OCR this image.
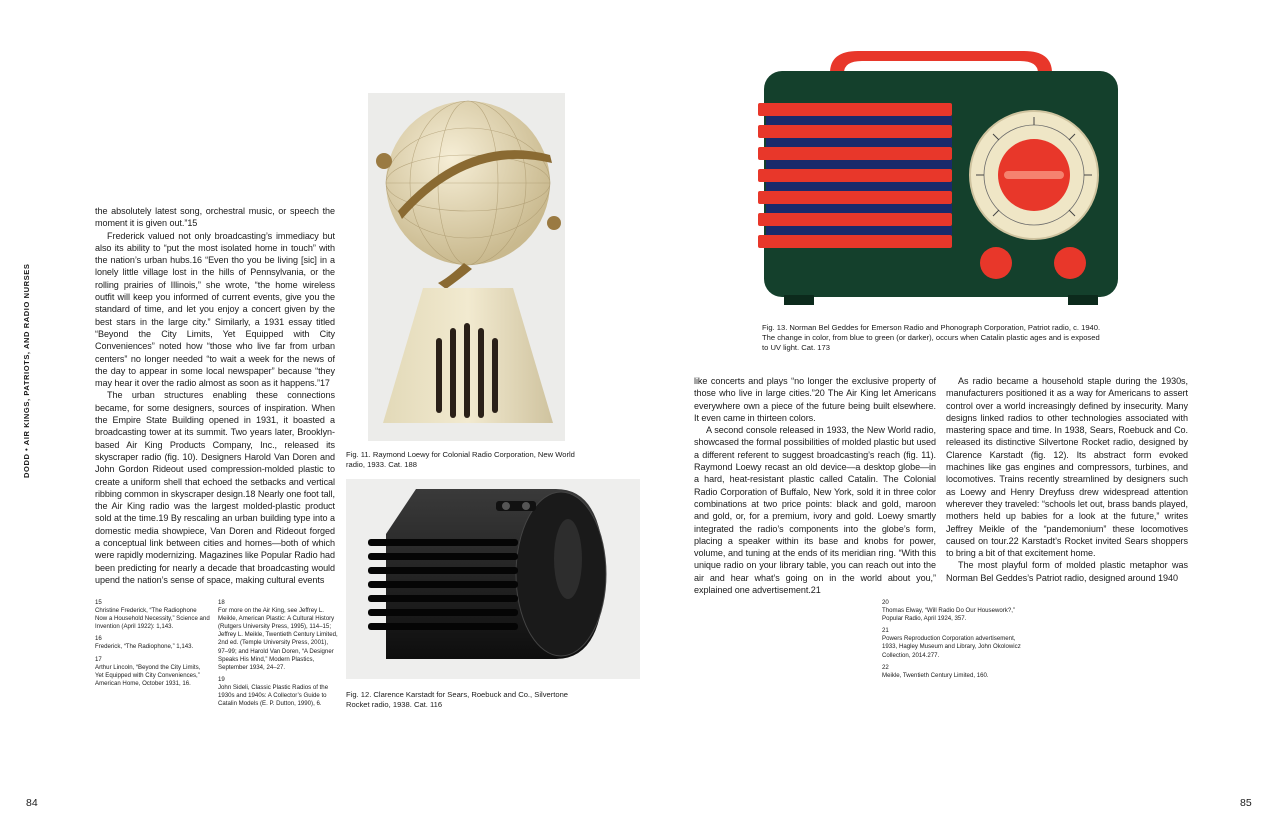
DODD • AIR KINGS, PATRIOTS, AND RADIO NURSES
84	85

the absolutely latest song, orchestral music, or speech the moment it is given out.”15

Frederick valued not only broadcasting’s immediacy but also its ability to “put the most isolated home in touch” with the nation’s urban hubs.16 “Even tho you be living [sic] in a lonely little village lost in the hills of Pennsylvania, or the rolling prairies of Illinois,” she wrote, “the home wireless outfit will keep you informed of current events, give you the standard of time, and let you enjoy a concert given by the best stars in the large city.” Similarly, a 1931 essay titled “Beyond the City Limits, Yet Equipped with City Conveniences” noted how “those who live far from urban centers” no longer needed “to wait a week for the news of the day to appear in some local newspaper” because “they may hear it over the radio almost as soon as it happens.”17

The urban structures enabling these connections became, for some designers, sources of inspiration. When the Empire State Building opened in 1931, it boasted a broadcasting tower at its summit. Two years later, Brooklyn-based Air King Products Company, Inc., released its skyscraper radio (fig. 10). Designers Harold Van Doren and John Gordon Rideout used compression-molded plastic to create a uniform shell that echoed the setbacks and vertical ribbing common in skyscraper design.18 Nearly one foot tall, the Air King radio was the largest molded-plastic product sold at the time.19 By rescaling an urban building type into a domestic media showpiece, Van Doren and Rideout forged a conceptual link between cities and homes—both of which were rapidly modernizing. Magazines like Popular Radio had been predicting for nearly a decade that broadcasting would upend the nation’s sense of space, making cultural events

15
Christine Frederick, “The Radiophone Now a Household Necessity,” Science and Invention (April 1922): 1,143.
16
Frederick, “The Radiophone,” 1,143.
17
Arthur Lincoln, “Beyond the City Limits, Yet Equipped with City Conveniences,” American Home, October 1931, 16.
18
For more on the Air King, see Jeffrey L. Meikle, American Plastic: A Cultural History (Rutgers University Press, 1995), 114–15; Jeffrey L. Meikle, Twentieth Century Limited, 2nd ed. (Temple University Press, 2001), 97–99; and Harold Van Doren, “A Designer Speaks His Mind,” Modern Plastics, September 1934, 24–27.
19
John Sideli, Classic Plastic Radios of the 1930s and 1940s: A Collector’s Guide to Catalin Models (E. P. Dutton, 1990), 6.
Fig. 11. Raymond Loewy for Colonial Radio Corporation, New World radio, 1933. Cat. 188
Fig. 12. Clarence Karstadt for Sears, Roebuck and Co., Silvertone Rocket radio, 1938. Cat. 116
Fig. 13. Norman Bel Geddes for Emerson Radio and Phonograph Corporation, Patriot radio, c. 1940. The change in color, from blue to green (or darker), occurs when Catalin plastic ages and is exposed to UV light. Cat. 173

like concerts and plays “no longer the exclusive property of those who live in large cities.”20 The Air King let Americans everywhere own a piece of the future being built elsewhere. It even came in thirteen colors.

A second console released in 1933, the New World radio, showcased the formal possibilities of molded plastic but used a different referent to suggest broadcasting’s reach (fig. 11). Raymond Loewy recast an old device—a desktop globe—in a hard, heat-resistant plastic called Catalin. The Colonial Radio Corporation of Buffalo, New York, sold it in three color combinations at two price points: black and gold, maroon and gold, or, for a premium, ivory and gold. Loewy smartly integrated the radio’s components into the globe’s form, placing a speaker within its base and knobs for power, volume, and tuning at the ends of its meridian ring. “With this unique radio on your library table, you can reach out into the air and hear what’s going on in the world about you,” explained one advertisement.21

As radio became a household staple during the 1930s, manufacturers positioned it as a way for Americans to assert control over a world increasingly defined by insecurity. Many designs linked radios to other technologies associated with mastering space and time. In 1938, Sears, Roebuck and Co. released its distinctive Silvertone Rocket radio, designed by Clarence Karstadt (fig. 12). Its abstract form evoked machines like gas engines and compressors, turbines, and locomotives. Trains recently streamlined by designers such as Loewy and Henry Dreyfuss drew widespread attention wherever they traveled: “schools let out, brass bands played, mothers held up babies for a look at the future,” writes Jeffrey Meikle of the “pandemonium” these locomotives caused on tour.22 Karstadt’s Rocket invited Sears shoppers to bring a bit of that excitement home.

The most playful form of molded plastic metaphor was Norman Bel Geddes’s Patriot radio, designed around 1940

20
Thomas Elway, “Will Radio Do Our Housework?,” Popular Radio, April 1924, 357.
21
Powers Reproduction Corporation advertisement, 1933, Hagley Museum and Library, John Okolowicz Collection, 2014.277.
22
Meikle, Twentieth Century Limited, 160.
